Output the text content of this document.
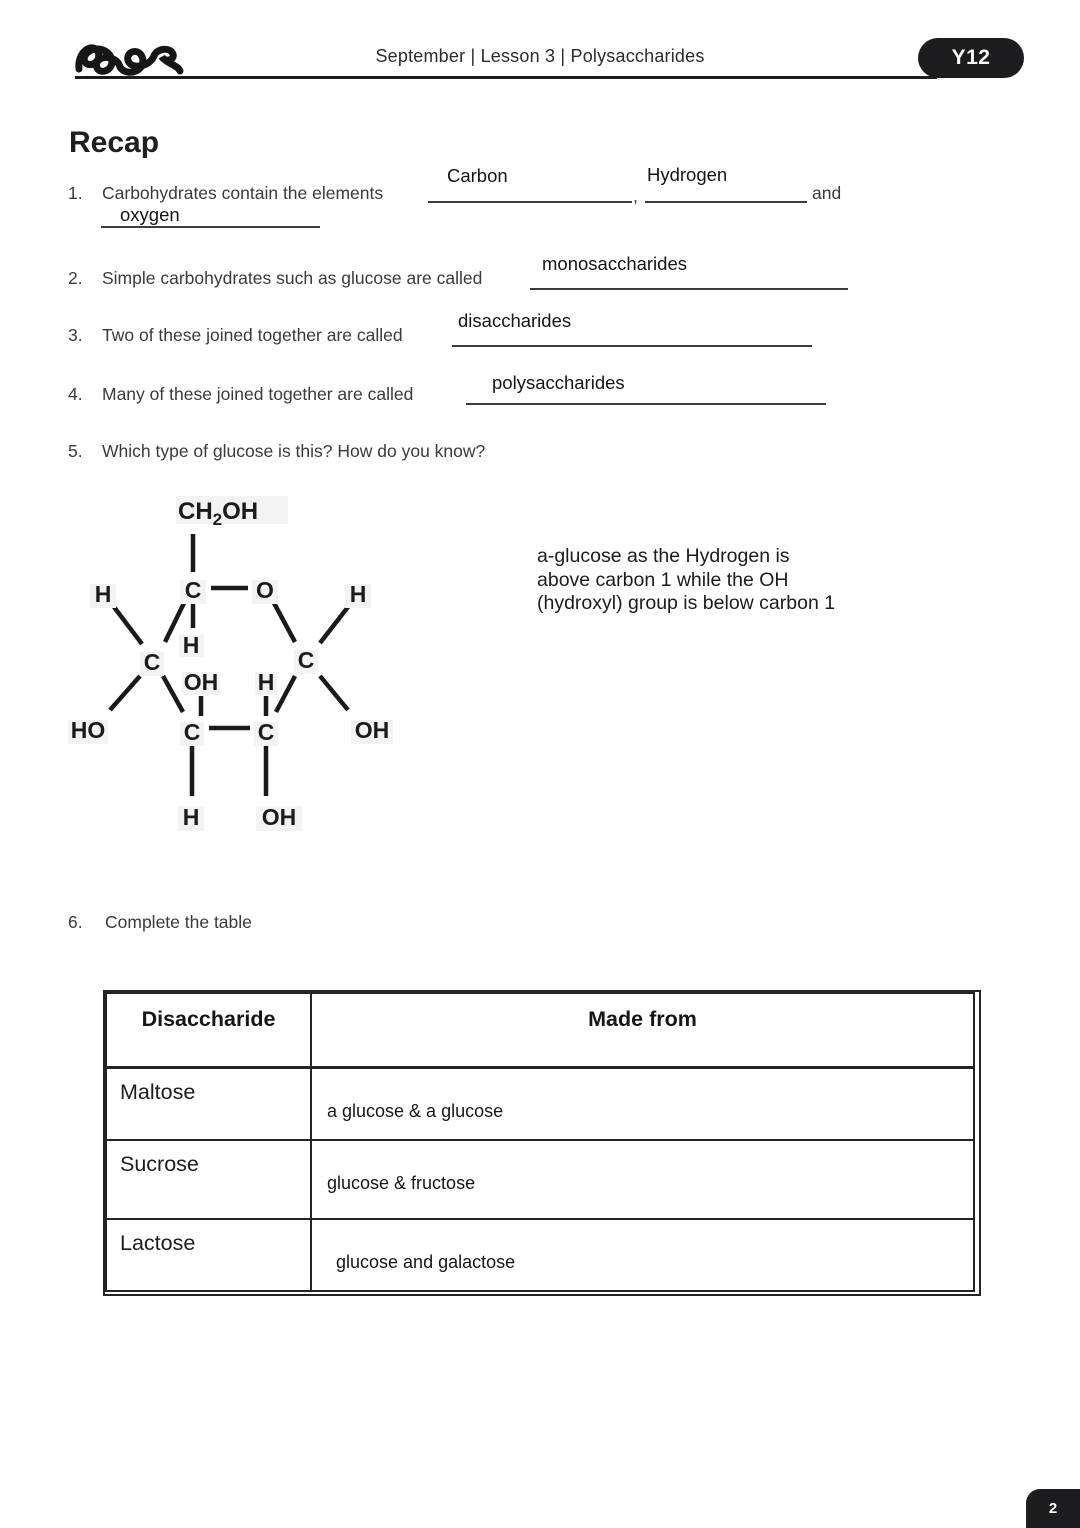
September | Lesson 3 | Polysaccharides	Y12
Recap
1. Carbohydrates contain the elements
Carbon
,
Hydrogen
and
oxygen
2. Simple carbohydrates such as glucose are called
monosaccharides
3. Two of these joined together are called
disaccharides
4. Many of these joined together are called
polysaccharides
5. Which type of glucose is this? How do you know?
a-glucose as the Hydrogen is
above carbon 1 while the OH
(hydroxyl) group is below carbon 1
$CH_2OH$
C O
H	H
H
C	C
OH H
HO	C C	OH
H	OH
6. Complete the table
Disaccharide	Made from
Maltose	a glucose & a glucose
Sucrose	glucose & fructose
Lactose	glucose and galactose
2
